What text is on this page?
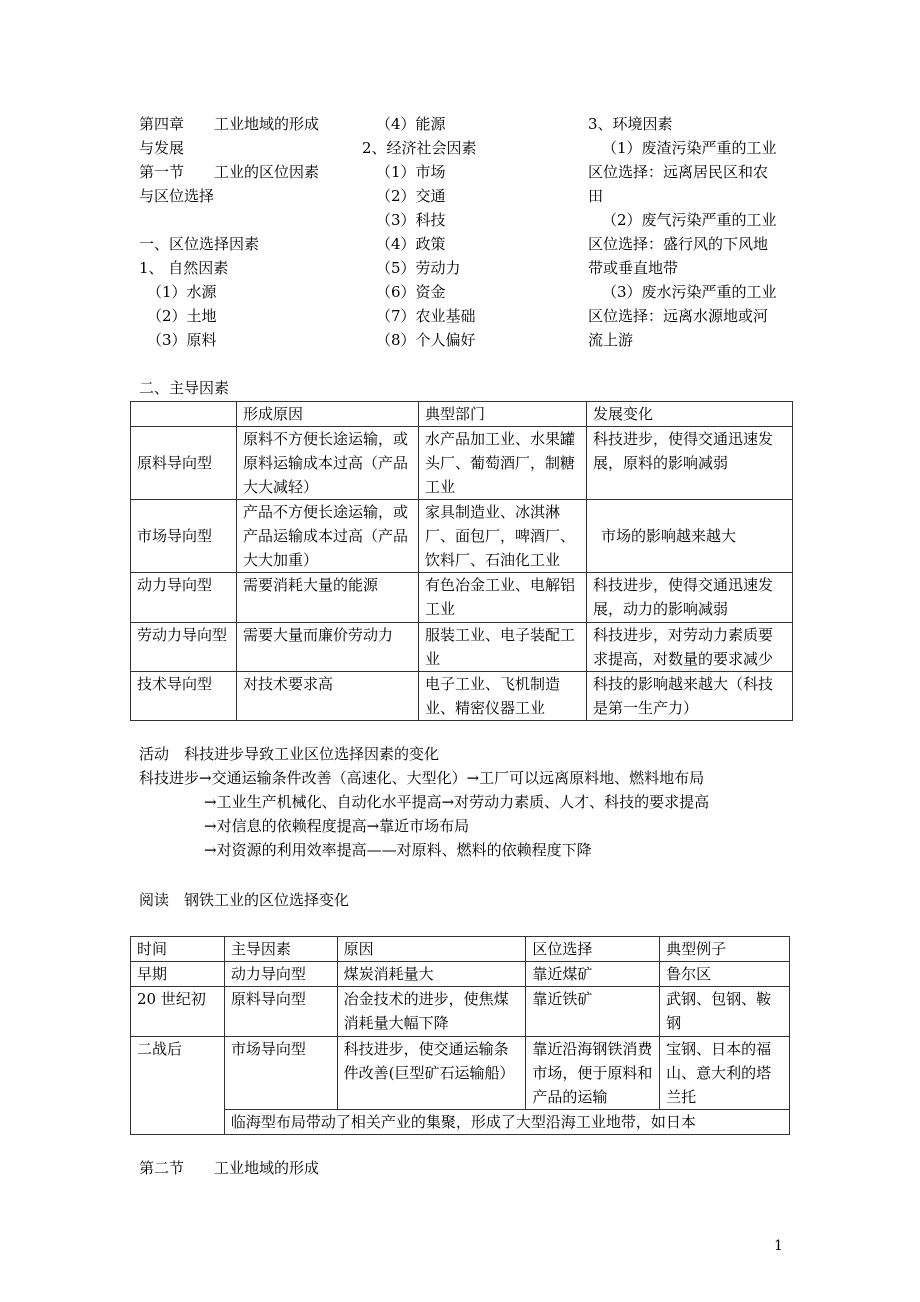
第四章　　工业地域的形成
与发展
第一节　　工业的区位因素
与区位选择
一、区位选择因素
1、 自然因素
（1）水源
（2）土地
（3）原料
（4）能源
2、经济社会因素
（1）市场
（2）交通
（3）科技
（4）政策
（5）劳动力
（6）资金
（7）农业基础
（8）个人偏好
3、环境因素
（1）废渣污染严重的工业
区位选择：远离居民区和农
田
（2）废气污染严重的工业
区位选择：盛行风的下风地
带或垂直地带
（3）废水污染严重的工业
区位选择：远离水源地或河
流上游
二、主导因素
	形成原因	典型部门	发展变化
原料导向型	原料不方便长途运输，或原料运输成本过高（产品大大减轻）	水产品加工业、水果罐头厂、葡萄酒厂，制糖工业	科技进步，使得交通迅速发展，原料的影响减弱
市场导向型	产品不方便长途运输，或产品运输成本过高（产品大大加重）	家具制造业、冰淇淋厂、面包厂，啤酒厂、饮料厂、石油化工业	市场的影响越来越大
动力导向型	需要消耗大量的能源	有色冶金工业、电解铝工业	科技进步，使得交通迅速发展，动力的影响减弱
劳动力导向型	需要大量而廉价劳动力	服装工业、电子装配工业	科技进步，对劳动力素质要求提高，对数量的要求减少
技术导向型	对技术要求高	电子工业、飞机制造业、精密仪器工业	科技的影响越来越大（科技是第一生产力）
活动　科技进步导致工业区位选择因素的变化
科技进步→交通运输条件改善（高速化、大型化）→工厂可以远离原料地、燃料地布局
→工业生产机械化、自动化水平提高→对劳动力素质、人才、科技的要求提高
→对信息的依赖程度提高→靠近市场布局
→对资源的利用效率提高——对原料、燃料的依赖程度下降
阅读　钢铁工业的区位选择变化
时间	主导因素	原因	区位选择	典型例子
早期	动力导向型	煤炭消耗量大	靠近煤矿	鲁尔区
20 世纪初	原料导向型	冶金技术的进步，使焦煤消耗量大幅下降	靠近铁矿	武钢、包钢、鞍钢
二战后	市场导向型	科技进步，使交通运输条件改善(巨型矿石运输船）	靠近沿海钢铁消费市场，便于原料和产品的运输	宝钢、日本的福山、意大利的塔兰托
	临海型布局带动了相关产业的集聚，形成了大型沿海工业地带，如日本			
第二节　　工业地域的形成
1
